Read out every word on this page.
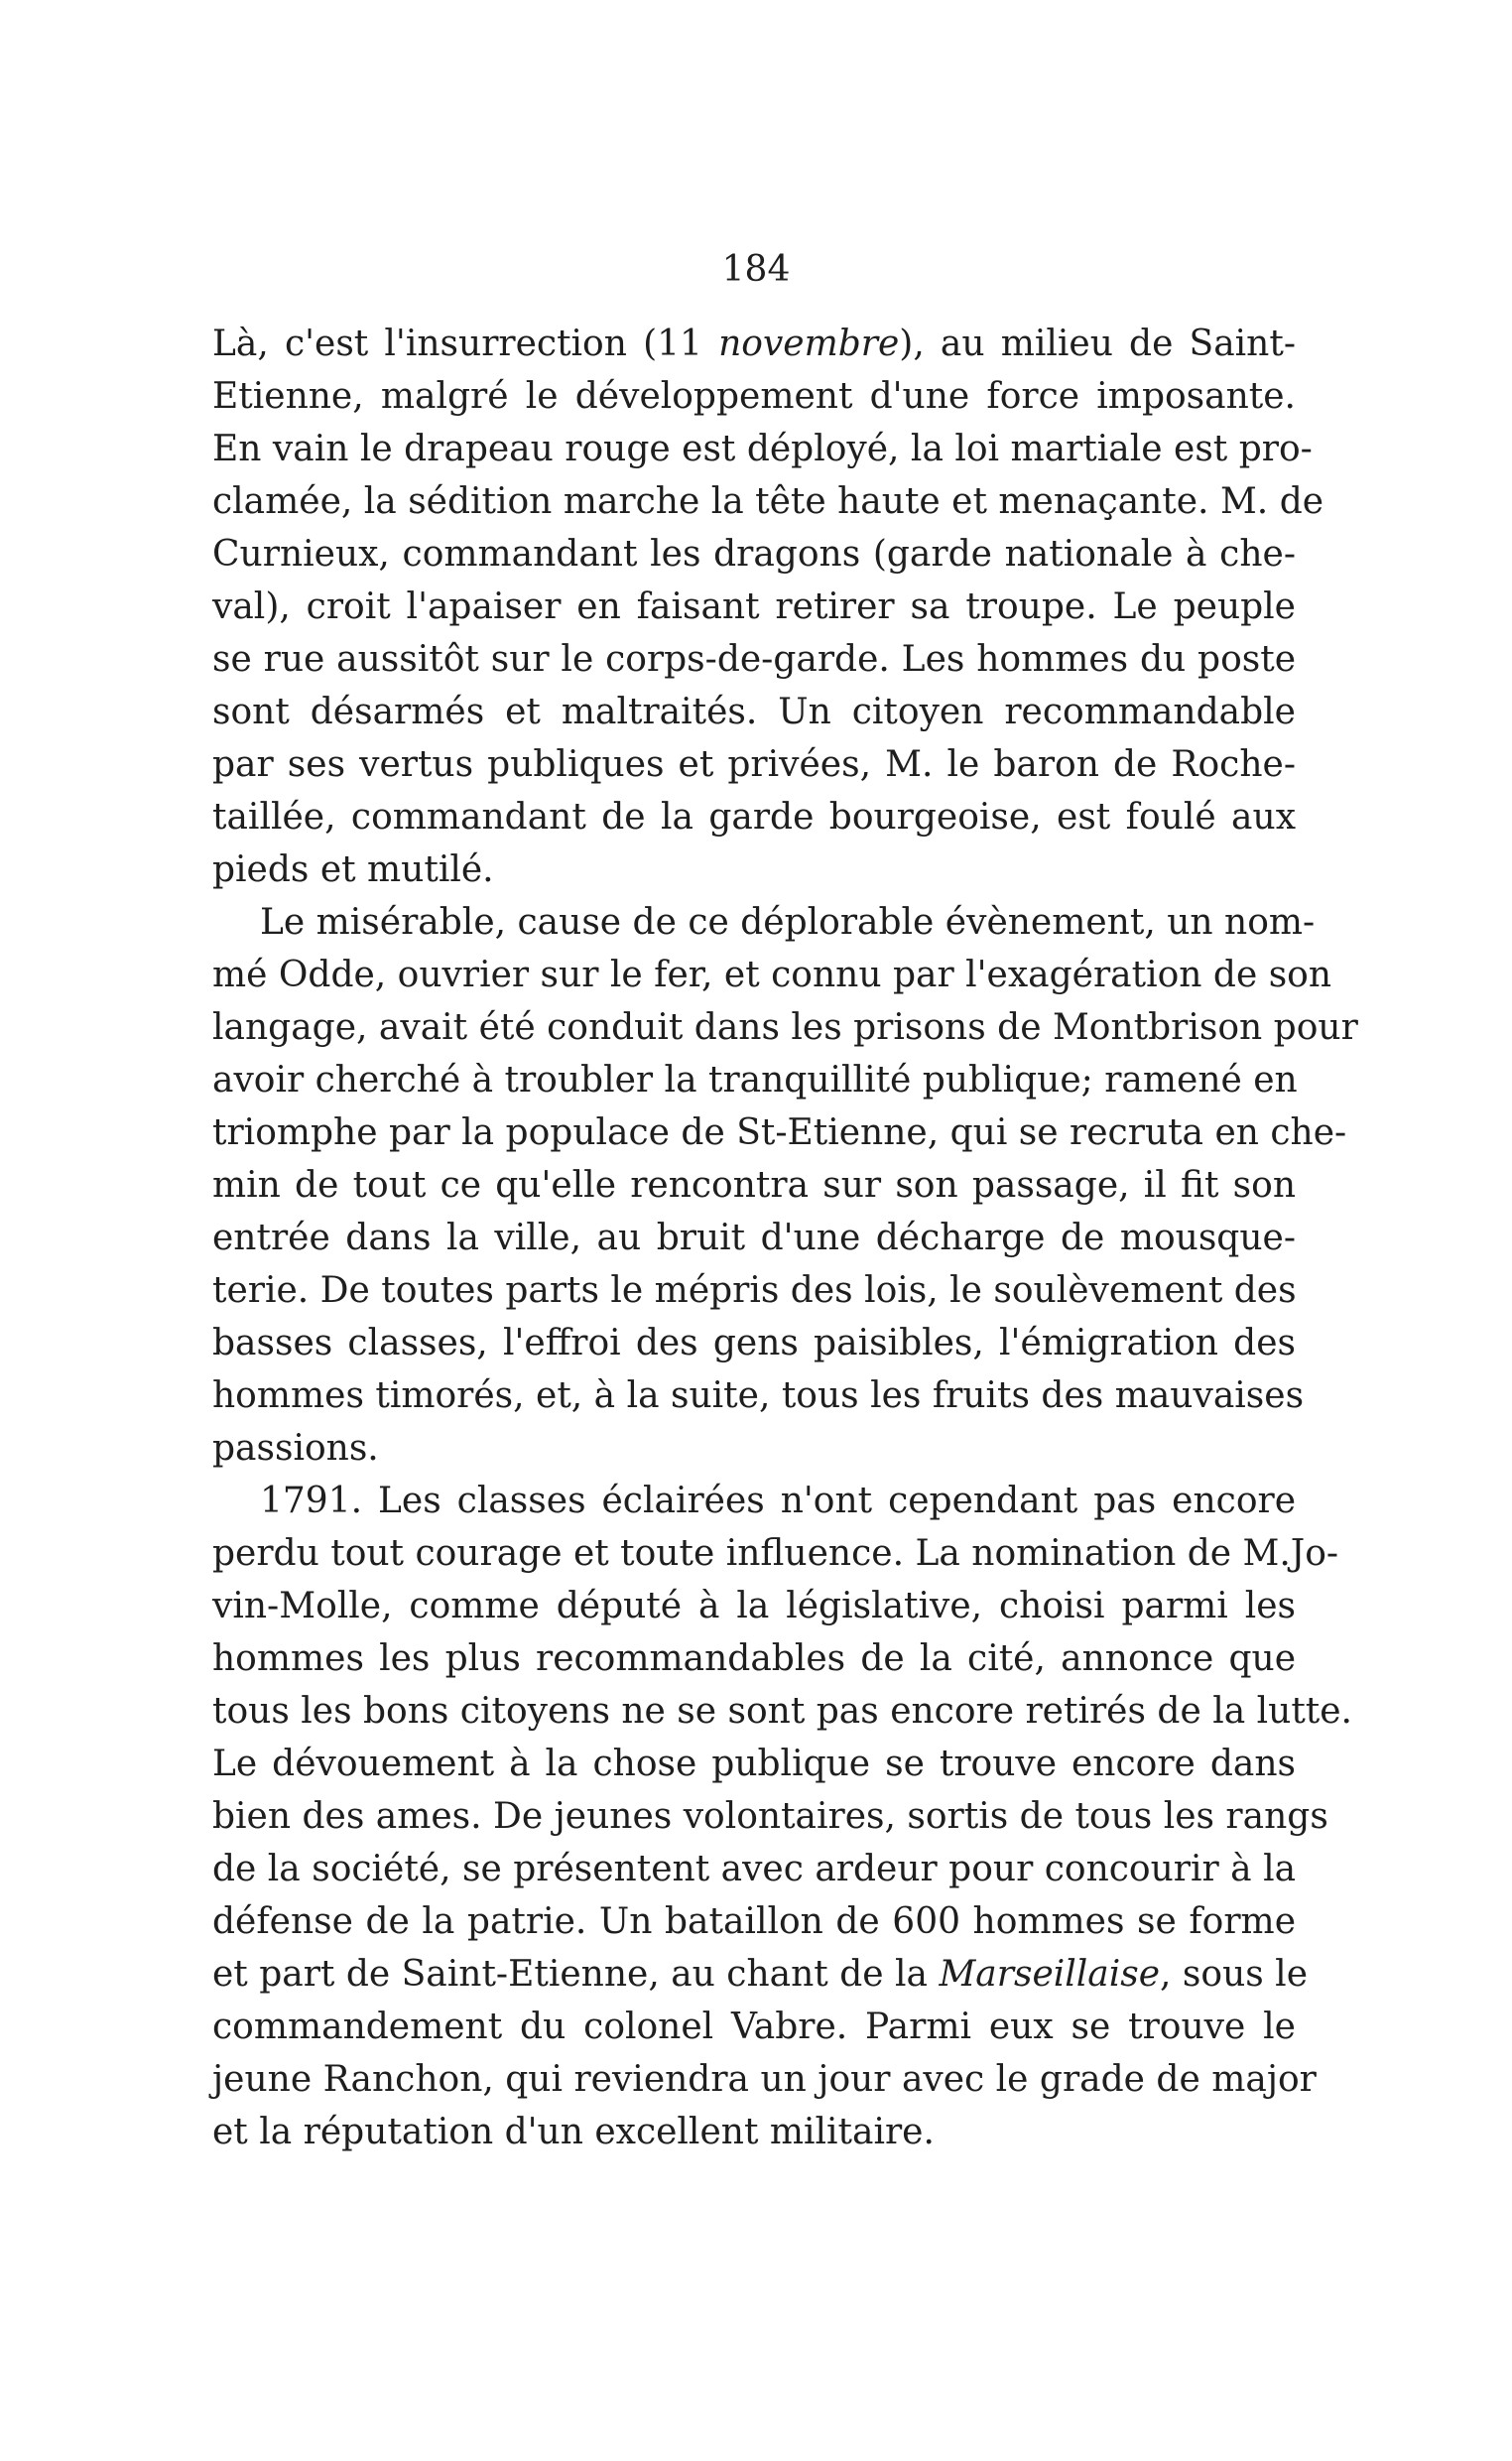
184
Là, c'est l'insurrection (11 novembre), au milieu de Saint-
Etienne, malgré le développement d'une force imposante.
En vain le drapeau rouge est déployé, la loi martiale est pro-
clamée, la sédition marche la tête haute et menaçante. M. de
Curnieux, commandant les dragons (garde nationale à che-
val), croit l'apaiser en faisant retirer sa troupe. Le peuple
se rue aussitôt sur le corps-de-garde. Les hommes du poste
sont désarmés et maltraités. Un citoyen recommandable
par ses vertus publiques et privées, M. le baron de Roche-
taillée, commandant de la garde bourgeoise, est foulé aux
pieds et mutilé.
Le misérable, cause de ce déplorable évènement, un nom-
mé Odde, ouvrier sur le fer, et connu par l'exagération de son
langage, avait été conduit dans les prisons de Montbrison pour
avoir cherché à troubler la tranquillité publique; ramené en
triomphe par la populace de St-Etienne, qui se recruta en che-
min de tout ce qu'elle rencontra sur son passage, il fit son
entrée dans la ville, au bruit d'une décharge de mousque-
terie. De toutes parts le mépris des lois, le soulèvement des
basses classes, l'effroi des gens paisibles, l'émigration des
hommes timorés, et, à la suite, tous les fruits des mauvaises
passions.
1791. Les classes éclairées n'ont cependant pas encore
perdu tout courage et toute influence. La nomination de M.Jo-
vin-Molle, comme député à la législative, choisi parmi les
hommes les plus recommandables de la cité, annonce que
tous les bons citoyens ne se sont pas encore retirés de la lutte.
Le dévouement à la chose publique se trouve encore dans
bien des ames. De jeunes volontaires, sortis de tous les rangs
de la société, se présentent avec ardeur pour concourir à la
défense de la patrie. Un bataillon de 600 hommes se forme
et part de Saint-Etienne, au chant de la Marseillaise, sous le
commandement du colonel Vabre. Parmi eux se trouve le
jeune Ranchon, qui reviendra un jour avec le grade de major
et la réputation d'un excellent militaire.
